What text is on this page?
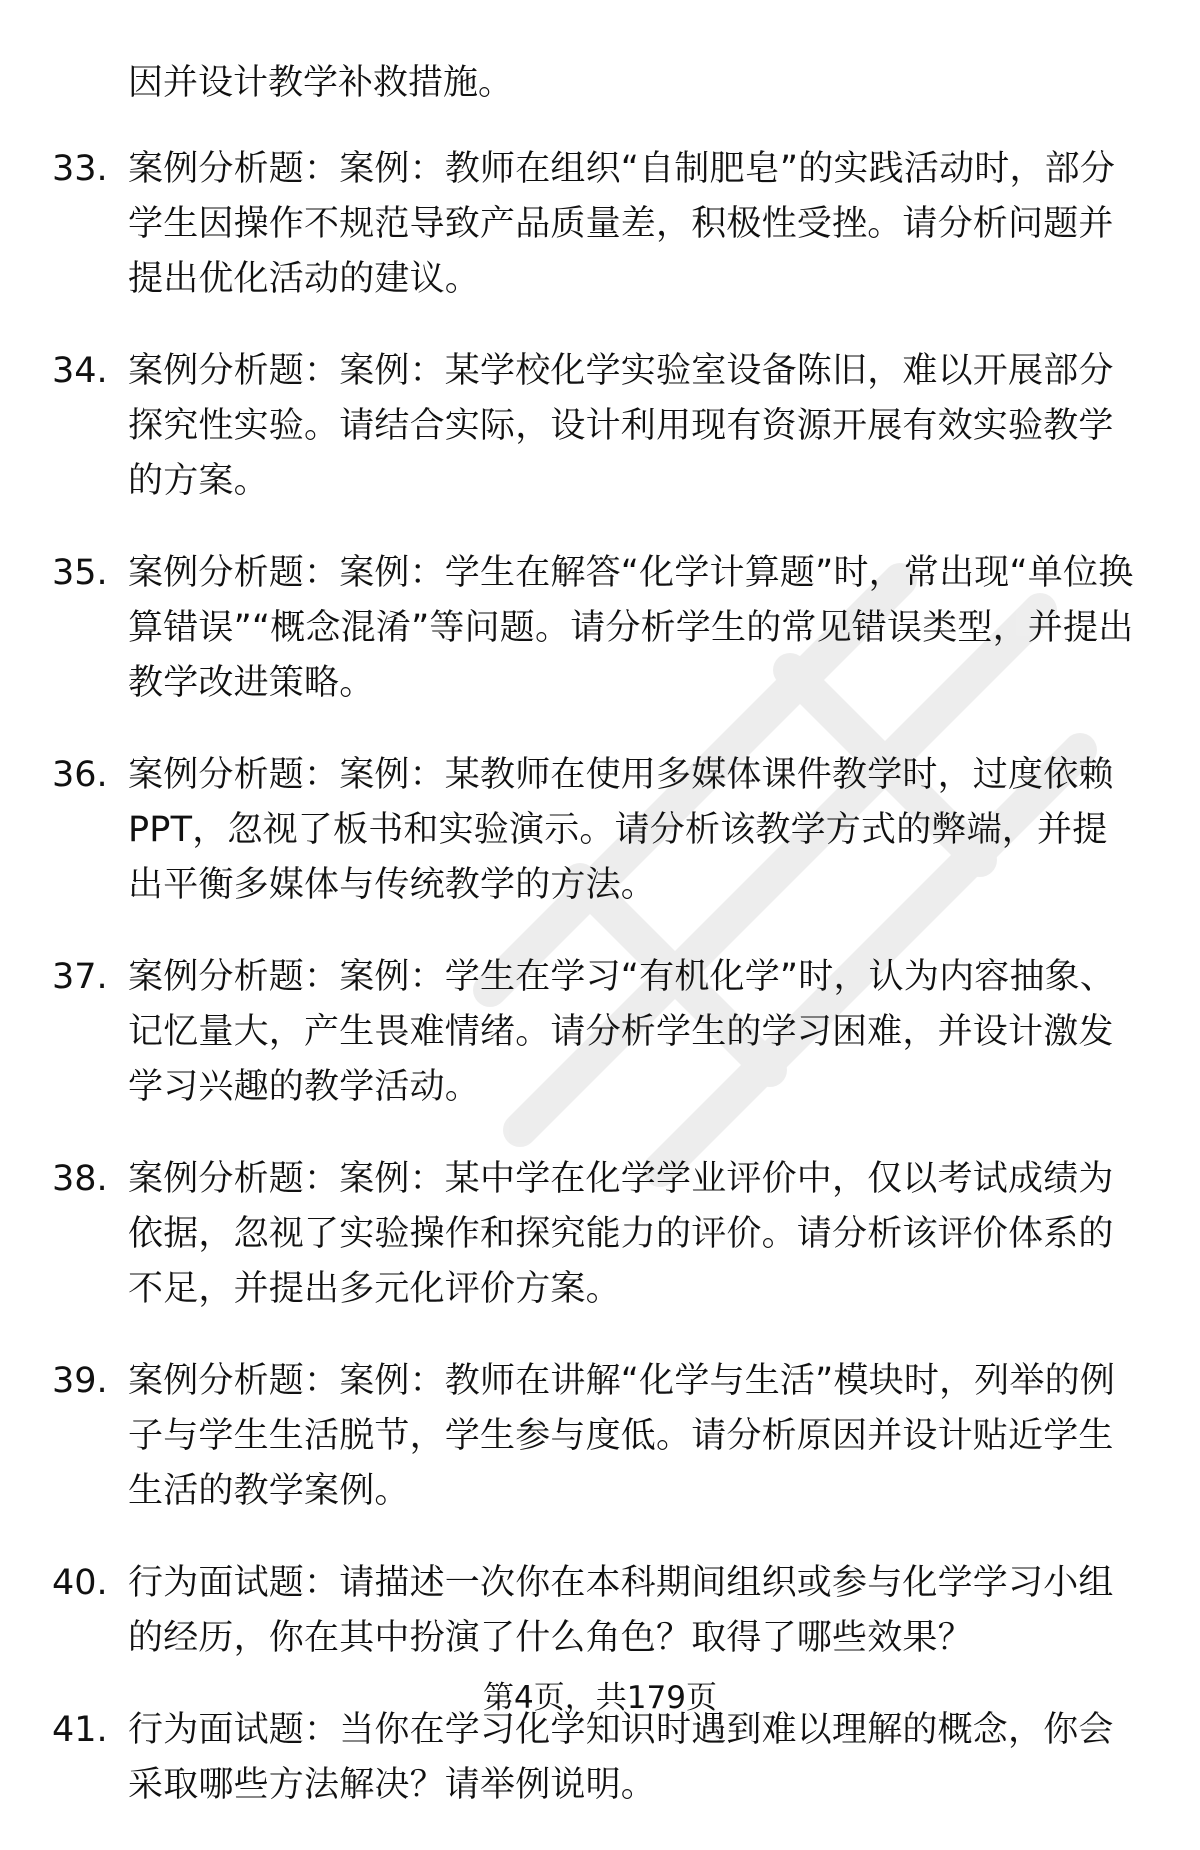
因并设计教学补救措施。
33. 案例分析题：案例：教师在组织“自制肥皂”的实践活动时，部分学生因操作不规范导致产品质量差，积极性受挫。请分析问题并提出优化活动的建议。
34. 案例分析题：案例：某学校化学实验室设备陈旧，难以开展部分探究性实验。请结合实际，设计利用现有资源开展有效实验教学的方案。
35. 案例分析题：案例：学生在解答“化学计算题”时，常出现“单位换算错误”“概念混淆”等问题。请分析学生的常见错误类型，并提出教学改进策略。
36. 案例分析题：案例：某教师在使用多媒体课件教学时，过度依赖PPT，忽视了板书和实验演示。请分析该教学方式的弊端，并提出平衡多媒体与传统教学的方法。
37. 案例分析题：案例：学生在学习“有机化学”时，认为内容抽象、记忆量大，产生畏难情绪。请分析学生的学习困难，并设计激发学习兴趣的教学活动。
38. 案例分析题：案例：某中学在化学学业评价中，仅以考试成绩为依据，忽视了实验操作和探究能力的评价。请分析该评价体系的不足，并提出多元化评价方案。
39. 案例分析题：案例：教师在讲解“化学与生活”模块时，列举的例子与学生生活脱节，学生参与度低。请分析原因并设计贴近学生生活的教学案例。
40. 行为面试题：请描述一次你在本科期间组织或参与化学学习小组的经历，你在其中扮演了什么角色？取得了哪些效果？
41. 行为面试题：当你在学习化学知识时遇到难以理解的概念，你会采取哪些方法解决？请举例说明。
第4页，共179页
